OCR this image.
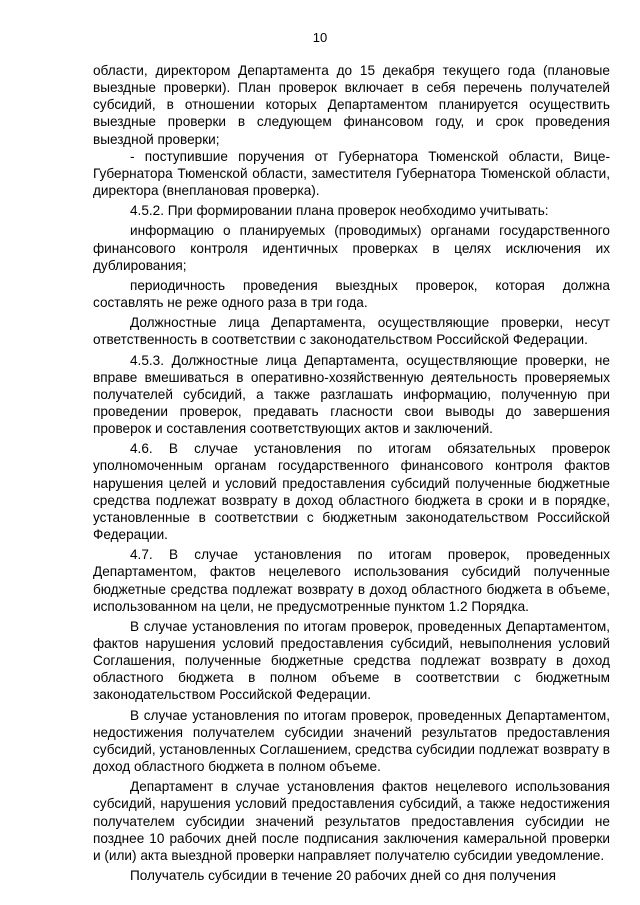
10

области, директором Департамента до 15 декабря текущего года (плановые выездные проверки). План проверок включает в себя перечень получателей субсидий, в отношении которых Департаментом планируется осуществить выездные проверки в следующем финансовом году, и срок проведения выездной проверки;

- поступившие поручения от Губернатора Тюменской области, Вице-Губернатора Тюменской области, заместителя Губернатора Тюменской области, директора (внеплановая проверка).

4.5.2. При формировании плана проверок необходимо учитывать:

информацию о планируемых (проводимых) органами государственного финансового контроля идентичных проверках в целях исключения их дублирования;

периодичность проведения выездных проверок, которая должна составлять не реже одного раза в три года.

Должностные лица Департамента, осуществляющие проверки, несут ответственность в соответствии с законодательством Российской Федерации.

4.5.3. Должностные лица Департамента, осуществляющие проверки, не вправе вмешиваться в оперативно-хозяйственную деятельность проверяемых получателей субсидий, а также разглашать информацию, полученную при проведении проверок, предавать гласности свои выводы до завершения проверок и составления соответствующих актов и заключений.

4.6. В случае установления по итогам обязательных проверок уполномоченным органам государственного финансового контроля фактов нарушения целей и условий предоставления субсидий полученные бюджетные средства подлежат возврату в доход областного бюджета в сроки и в порядке, установленные в соответствии с бюджетным законодательством Российской Федерации.

4.7. В случае установления по итогам проверок, проведенных Департаментом, фактов нецелевого использования субсидий полученные бюджетные средства подлежат возврату в доход областного бюджета в объеме, использованном на цели, не предусмотренные пунктом 1.2 Порядка.

В случае установления по итогам проверок, проведенных Департаментом, фактов нарушения условий предоставления субсидий, невыполнения условий Соглашения, полученные бюджетные средства подлежат возврату в доход областного бюджета в полном объеме в соответствии с бюджетным законодательством Российской Федерации.

В случае установления по итогам проверок, проведенных Департаментом, недостижения получателем субсидии значений результатов предоставления субсидий, установленных Соглашением, средства субсидии подлежат возврату в доход областного бюджета в полном объеме.

Департамент в случае установления фактов нецелевого использования субсидий, нарушения условий предоставления субсидий, а также недостижения получателем субсидии значений результатов предоставления субсидии не позднее 10 рабочих дней после подписания заключения камеральной проверки и (или) акта выездной проверки направляет получателю субсидии уведомление.

Получатель субсидии в течение 20 рабочих дней со дня получения
